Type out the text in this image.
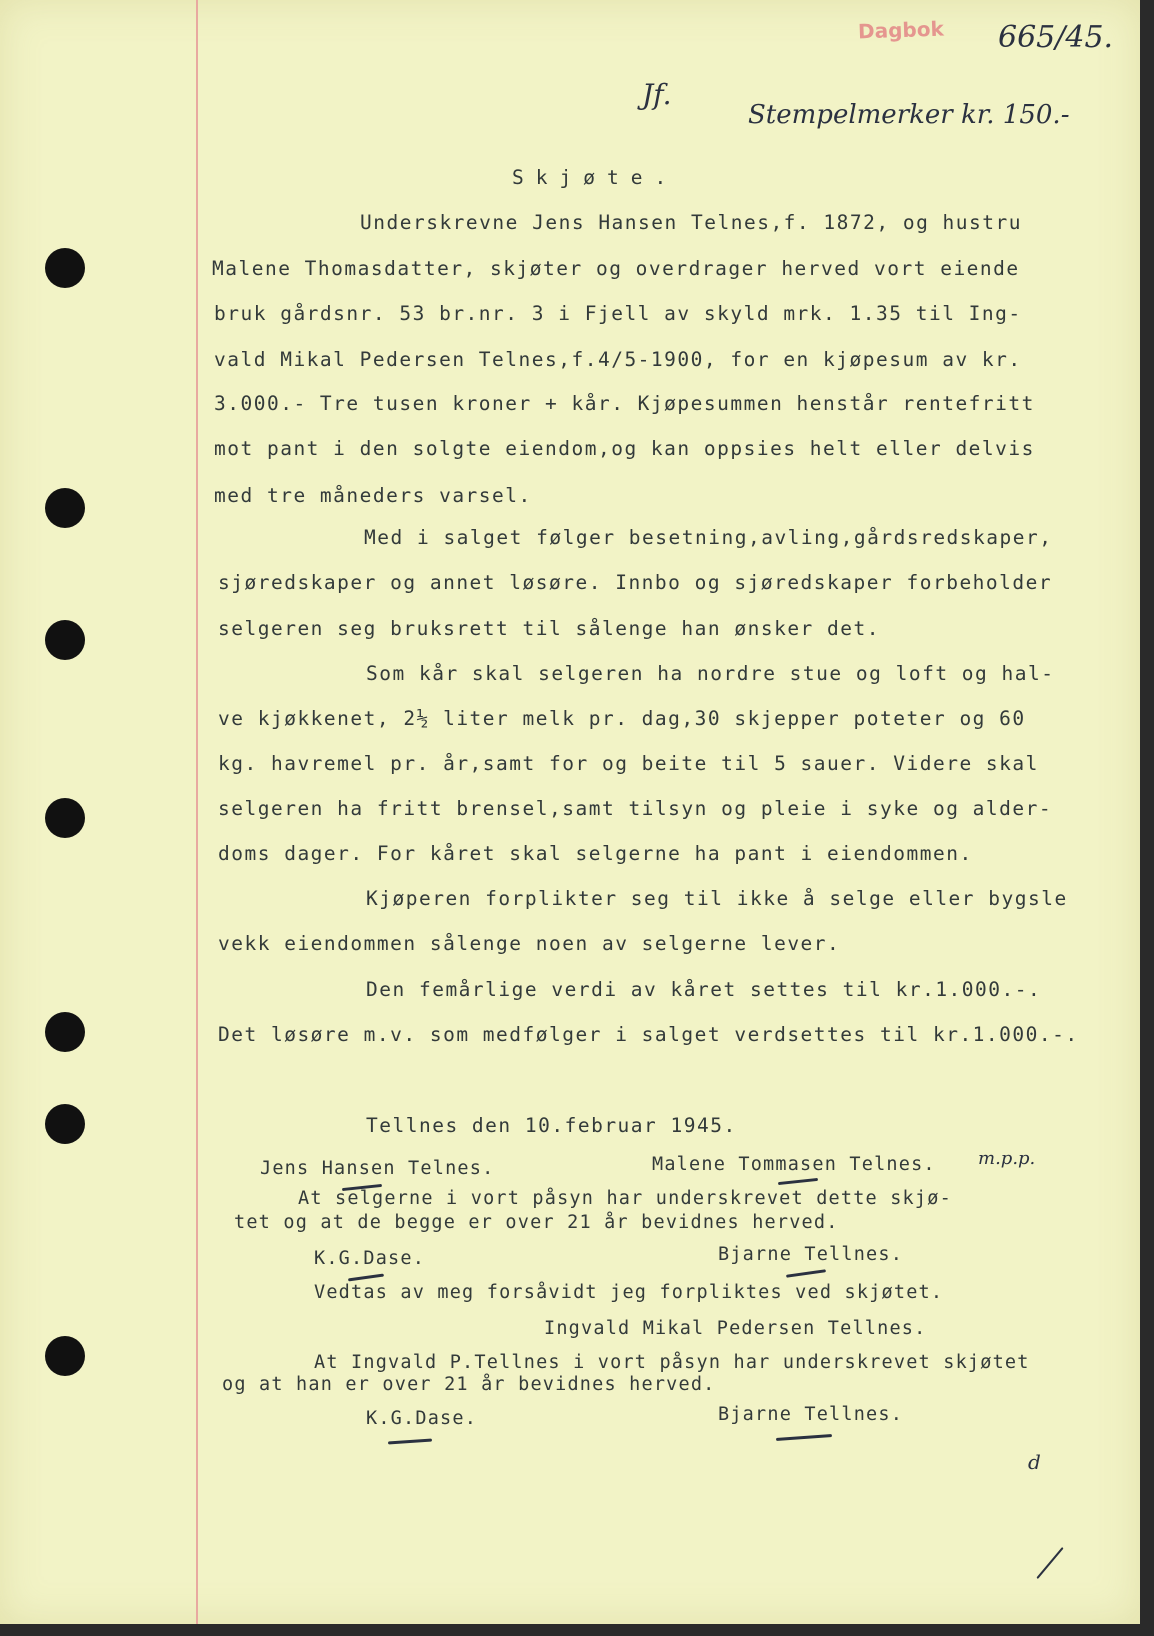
Dagbok 665/45.
Jf.
Stempelmerker kr. 150.-
Skjøte.
Underskrevne Jens Hansen Telnes,f. 1872, og hustru
Malene Thomasdatter, skjøter og overdrager herved vort eiende
bruk gårdsnr. 53 br.nr. 3 i Fjell av skyld mrk. 1.35 til Ing-
vald Mikal Pedersen Telnes,f.4/5-1900, for en kjøpesum av kr.
3.000.- Tre tusen kroner + kår. Kjøpesummen henstår rentefritt
mot pant i den solgte eiendom,og kan oppsies helt eller delvis
med tre måneders varsel.
Med i salget følger besetning,avling,gårdsredskaper,
sjøredskaper og annet løsøre. Innbo og sjøredskaper forbeholder
selgeren seg bruksrett til sålenge han ønsker det.
Som kår skal selgeren ha nordre stue og loft og hal-
ve kjøkkenet, 2½ liter melk pr. dag,30 skjepper poteter og 60
kg. havremel pr. år,samt for og beite til 5 sauer. Videre skal
selgeren ha fritt brensel,samt tilsyn og pleie i syke og alder-
doms dager. For kåret skal selgerne ha pant i eiendommen.
Kjøperen forplikter seg til ikke å selge eller bygsle
vekk eiendommen sålenge noen av selgerne lever.
Den femårlige verdi av kåret settes til kr.1.000.-.
Det løsøre m.v. som medfølger i salget verdsettes til kr.1.000.-.
Tellnes den 10.februar 1945.
Jens Hansen Telnes.	Malene Tommasen Telnes. m.p.p.
At selgerne i vort påsyn har underskrevet dette skjø-
tet og at de begge er over 21 år bevidnes herved.
K.G.Dase.	Bjarne Tellnes.
Vedtas av meg forsåvidt jeg forpliktes ved skjøtet.
Ingvald Mikal Pedersen Tellnes.
At Ingvald P.Tellnes i vort påsyn har underskrevet skjøtet
og at han er over 21 år bevidnes herved.
K.G.Dase.	Bjarne Tellnes.
d
